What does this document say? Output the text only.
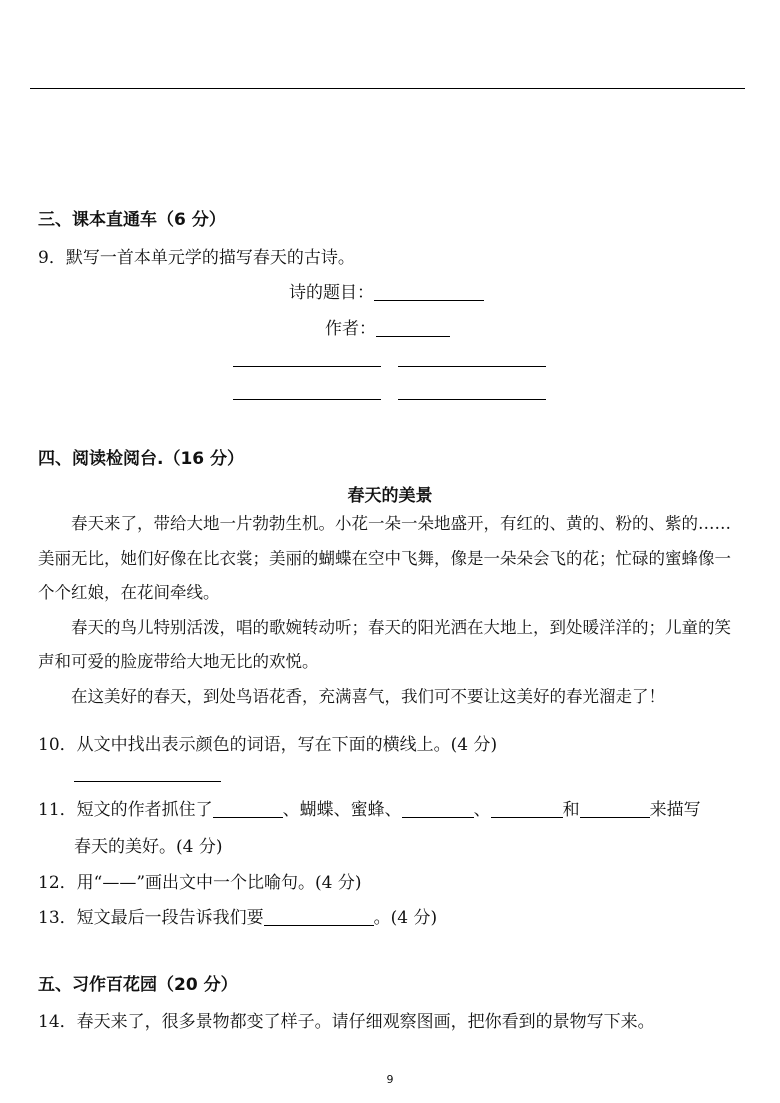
三、课本直通车（6 分）
9．默写一首本单元学的描写春天的古诗。
诗的题目：
作者：
四、阅读检阅台.（16 分）
春天的美景

春天来了，带给大地一片勃勃生机。小花一朵一朵地盛开，有红的、黄的、粉的、紫的……美丽无比，她们好像在比衣裳；美丽的蝴蝶在空中飞舞，像是一朵朵会飞的花；忙碌的蜜蜂像一个个红娘，在花间牵线。

春天的鸟儿特别活泼，唱的歌婉转动听；春天的阳光洒在大地上，到处暖洋洋的；儿童的笑声和可爱的脸庞带给大地无比的欢悦。

在这美好的春天，到处鸟语花香，充满喜气，我们可不要让这美好的春光溜走了！

10．从文中找出表示颜色的词语，写在下面的横线上。(4 分)
11．短文的作者抓住了	、蝴蝶、蜜蜂、	、	和	来描写
春天的美好。(4 分)
12．用“——”画出文中一个比喻句。(4 分)
13．短文最后一段告诉我们要	。(4 分)
五、习作百花园（20 分）
14．春天来了，很多景物都变了样子。请仔细观察图画，把你看到的景物写下来。
9
